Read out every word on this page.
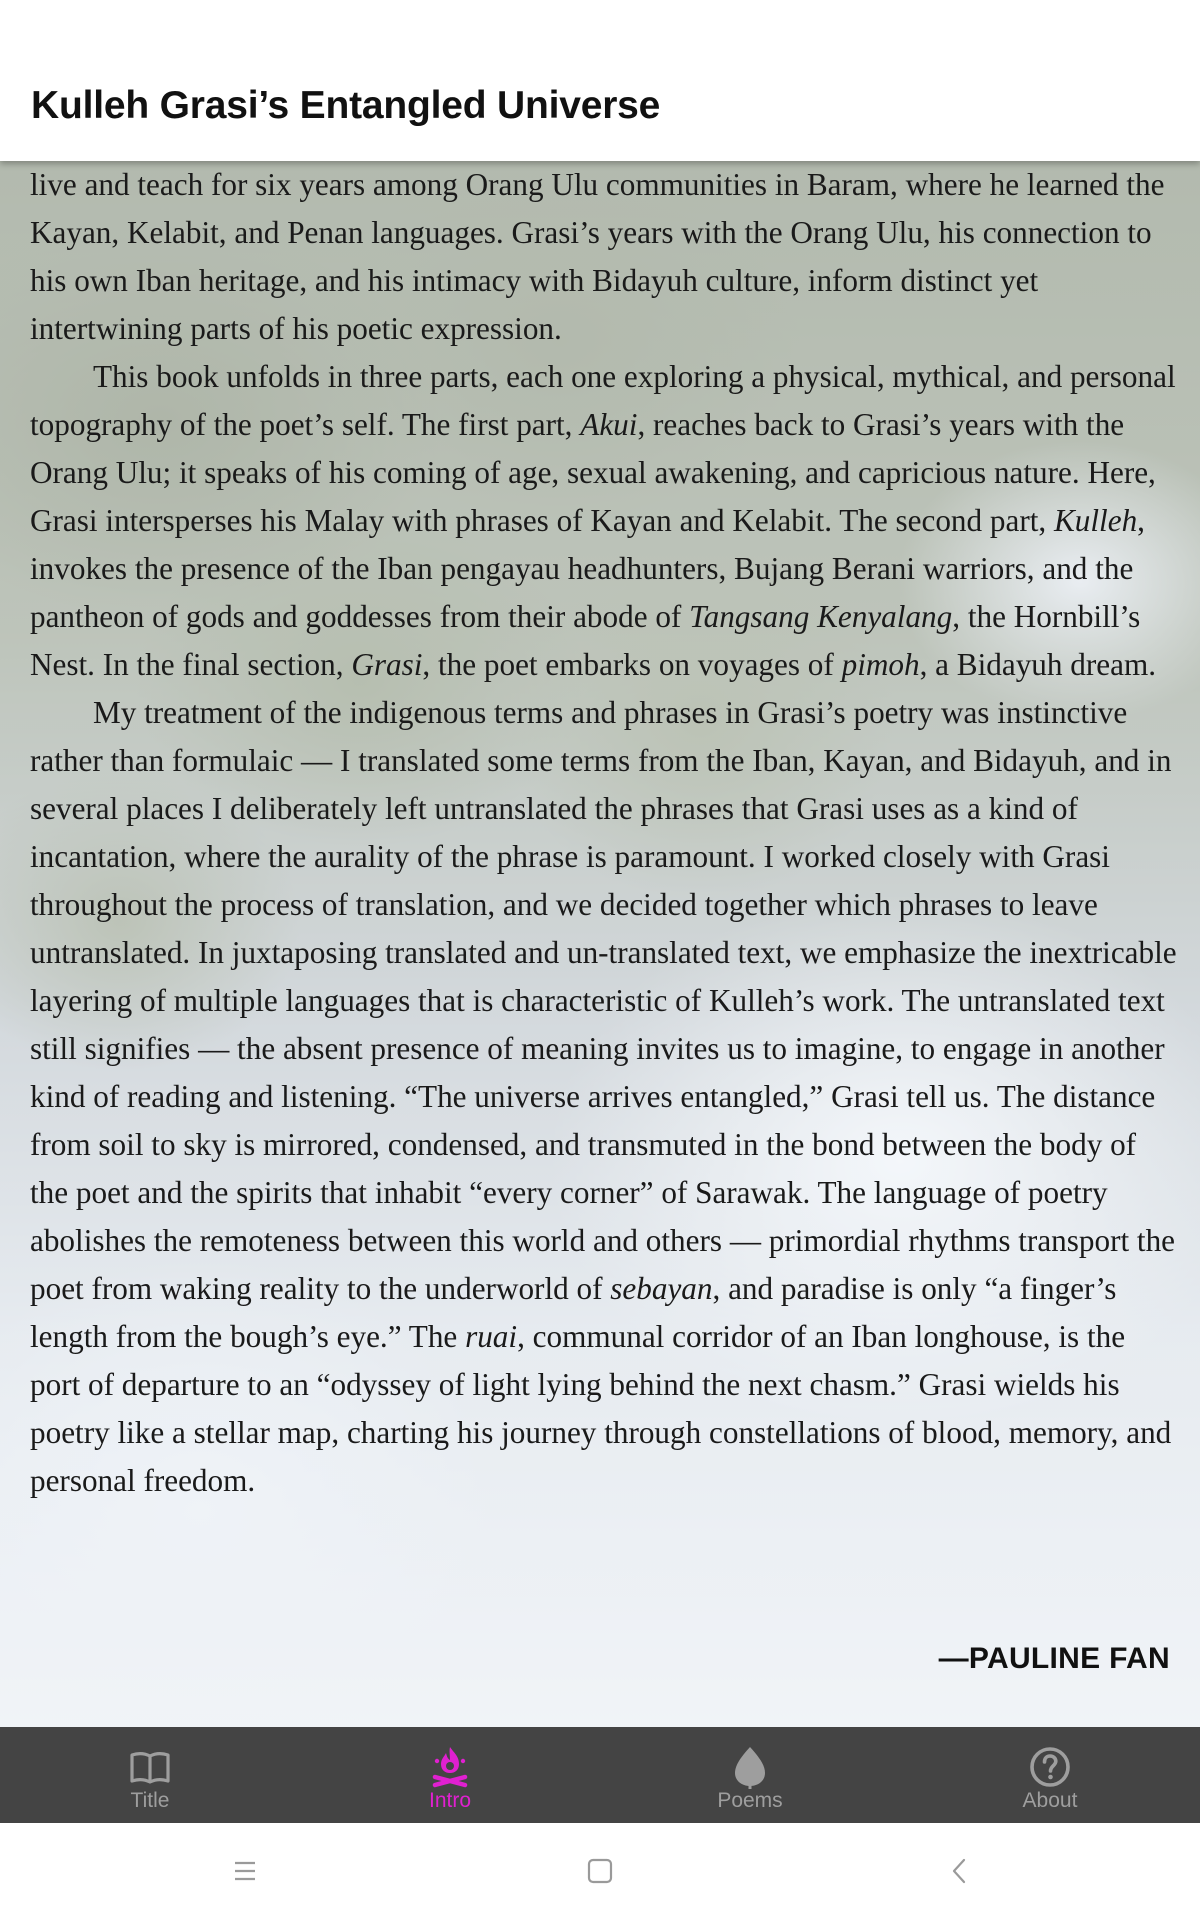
Kulleh Grasi’s Entangled Universe

live and teach for six years among Orang Ulu communities in Baram, where he learned the Kayan, Kelabit, and Penan languages. Grasi’s years with the Orang Ulu, his connection to his own Iban heritage, and his intimacy with Bidayuh culture, inform distinct yet intertwining parts of his poetic expression.

This book unfolds in three parts, each one exploring a physical, mythical, and personal topography of the poet’s self. The first part, Akui, reaches back to Grasi’s years with the Orang Ulu; it speaks of his coming of age, sexual awakening, and capricious nature. Here, Grasi intersperses his Malay with phrases of Kayan and Kelabit. The second part, Kulleh, invokes the presence of the Iban pengayau headhunters, Bujang Berani warriors, and the pantheon of gods and goddesses from their abode of Tangsang Kenyalang, the Hornbill’s Nest. In the final section, Grasi, the poet embarks on voyages of pimoh, a Bidayuh dream.

My treatment of the indigenous terms and phrases in Grasi’s poetry was instinctive rather than formulaic — I translated some terms from the Iban, Kayan, and Bidayuh, and in several places I deliberately left untranslated the phrases that Grasi uses as a kind of incantation, where the aurality of the phrase is paramount. I worked closely with Grasi throughout the process of translation, and we decided together which phrases to leave untranslated. In juxtaposing translated and un-translated text, we emphasize the inextricable layering of multiple languages that is characteristic of Kulleh’s work. The untranslated text still signifies — the absent presence of meaning invites us to imagine, to engage in another kind of reading and listening. “The universe arrives entangled,” Grasi tell us. The distance from soil to sky is mirrored, condensed, and transmuted in the bond between the body of the poet and the spirits that inhabit “every corner” of Sarawak. The language of poetry abolishes the remoteness between this world and others — primordial rhythms transport the poet from waking reality to the underworld of sebayan, and paradise is only “a finger’s length from the bough’s eye.” The ruai, communal corridor of an Iban longhouse, is the port of departure to an “odyssey of light lying behind the next chasm.” Grasi wields his poetry like a stellar map, charting his journey through constellations of blood, memory, and personal freedom.

—PAULINE FAN
Title	Intro	Poems	About
